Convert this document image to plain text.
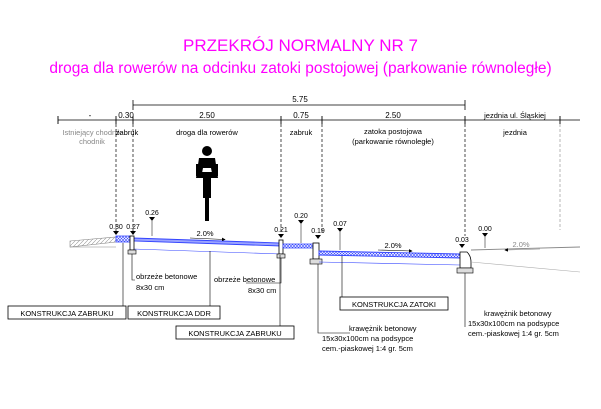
PRZEKRÓJ NORMALNY NR 7
droga dla rowerów na odcinku zatoki postojowej (parkowanie równoległe)
5.75
-	0.30	2.50	0.75	2.50
Istniejący chodnik
chodnik
zabruk	droga dla rowerów	zabruk	zatoka postojowa
(parkowanie równoległe)
jezdnia ul. Śląskiej
jezdnia
0.30 0.27
0.26
0.21
0.20
0.19
0.07
0.03
0.00
2.0%
2.0%	2.0%
obrzeże betonowe
8x30 cm
obrzeże betonowe
8x30 cm
krawężnik betonowy
15x30x100cm na podsypce
cem.-piaskowej 1:4 gr. 5cm
krawężnik betonowy
15x30x100cm na podsypce
cem.-piaskowej 1:4 gr. 5cm
KONSTRUKCJA ZABRUKU	KONSTRUKCJA DDR
KONSTRUKCJA ZABRUKU
KONSTRUKCJA ZATOKI
